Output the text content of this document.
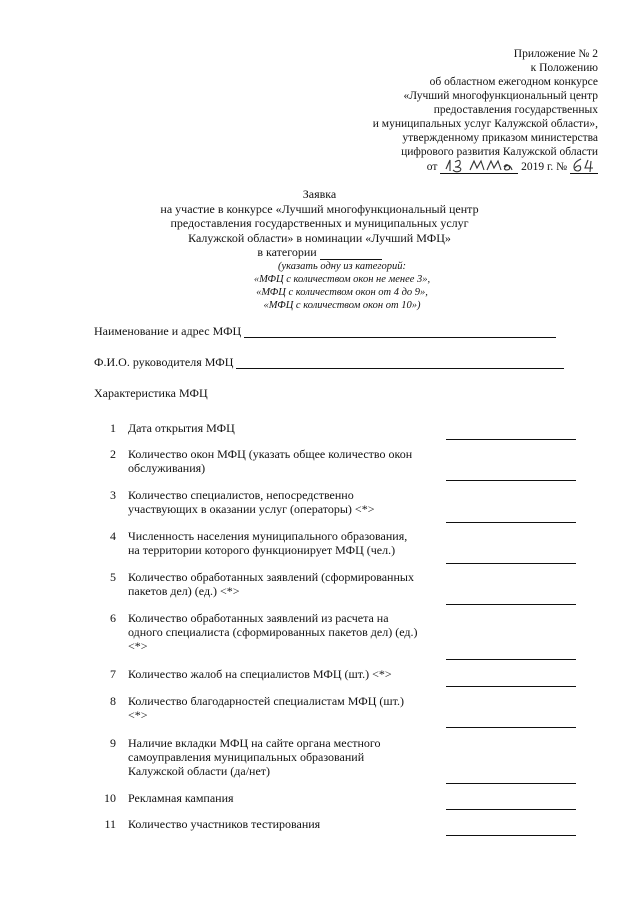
Приложение № 2
к Положению
об областном ежегодном конкурсе
«Лучший многофункциональный центр
предоставления государственных
и муниципальных услуг Калужской области»,
утвержденному приказом министерства
цифрового развития Калужской области
от	2019 г. №
Заявка
на участие в конкурсе «Лучший многофункциональный центр
предоставления государственных и муниципальных услуг
Калужской области» в номинации «Лучший МФЦ»
в категории
(указать одну из категорий:
«МФЦ с количеством окон не менее 3»,
«МФЦ с количеством окон от 4 до 9»,
«МФЦ с количеством окон от 10»)
Наименование и адрес МФЦ
Ф.И.О. руководителя МФЦ
Характеристика МФЦ
1 Дата открытия МФЦ
2 Количество окон МФЦ (указать общее количество окон
обслуживания)
3 Количество специалистов, непосредственно
участвующих в оказании услуг (операторы) <*>
4 Численность населения муниципального образования,
на территории которого функционирует МФЦ (чел.)
5 Количество обработанных заявлений (сформированных
пакетов дел) (ед.) <*>
6 Количество обработанных заявлений из расчета на
одного специалиста (сформированных пакетов дел) (ед.)
<*>
7 Количество жалоб на специалистов МФЦ (шт.) <*>
8 Количество благодарностей специалистам МФЦ (шт.)
<*>
9 Наличие вкладки МФЦ на сайте органа местного
самоуправления муниципальных образований
Калужской области (да/нет)
10 Рекламная кампания
11 Количество участников тестирования
